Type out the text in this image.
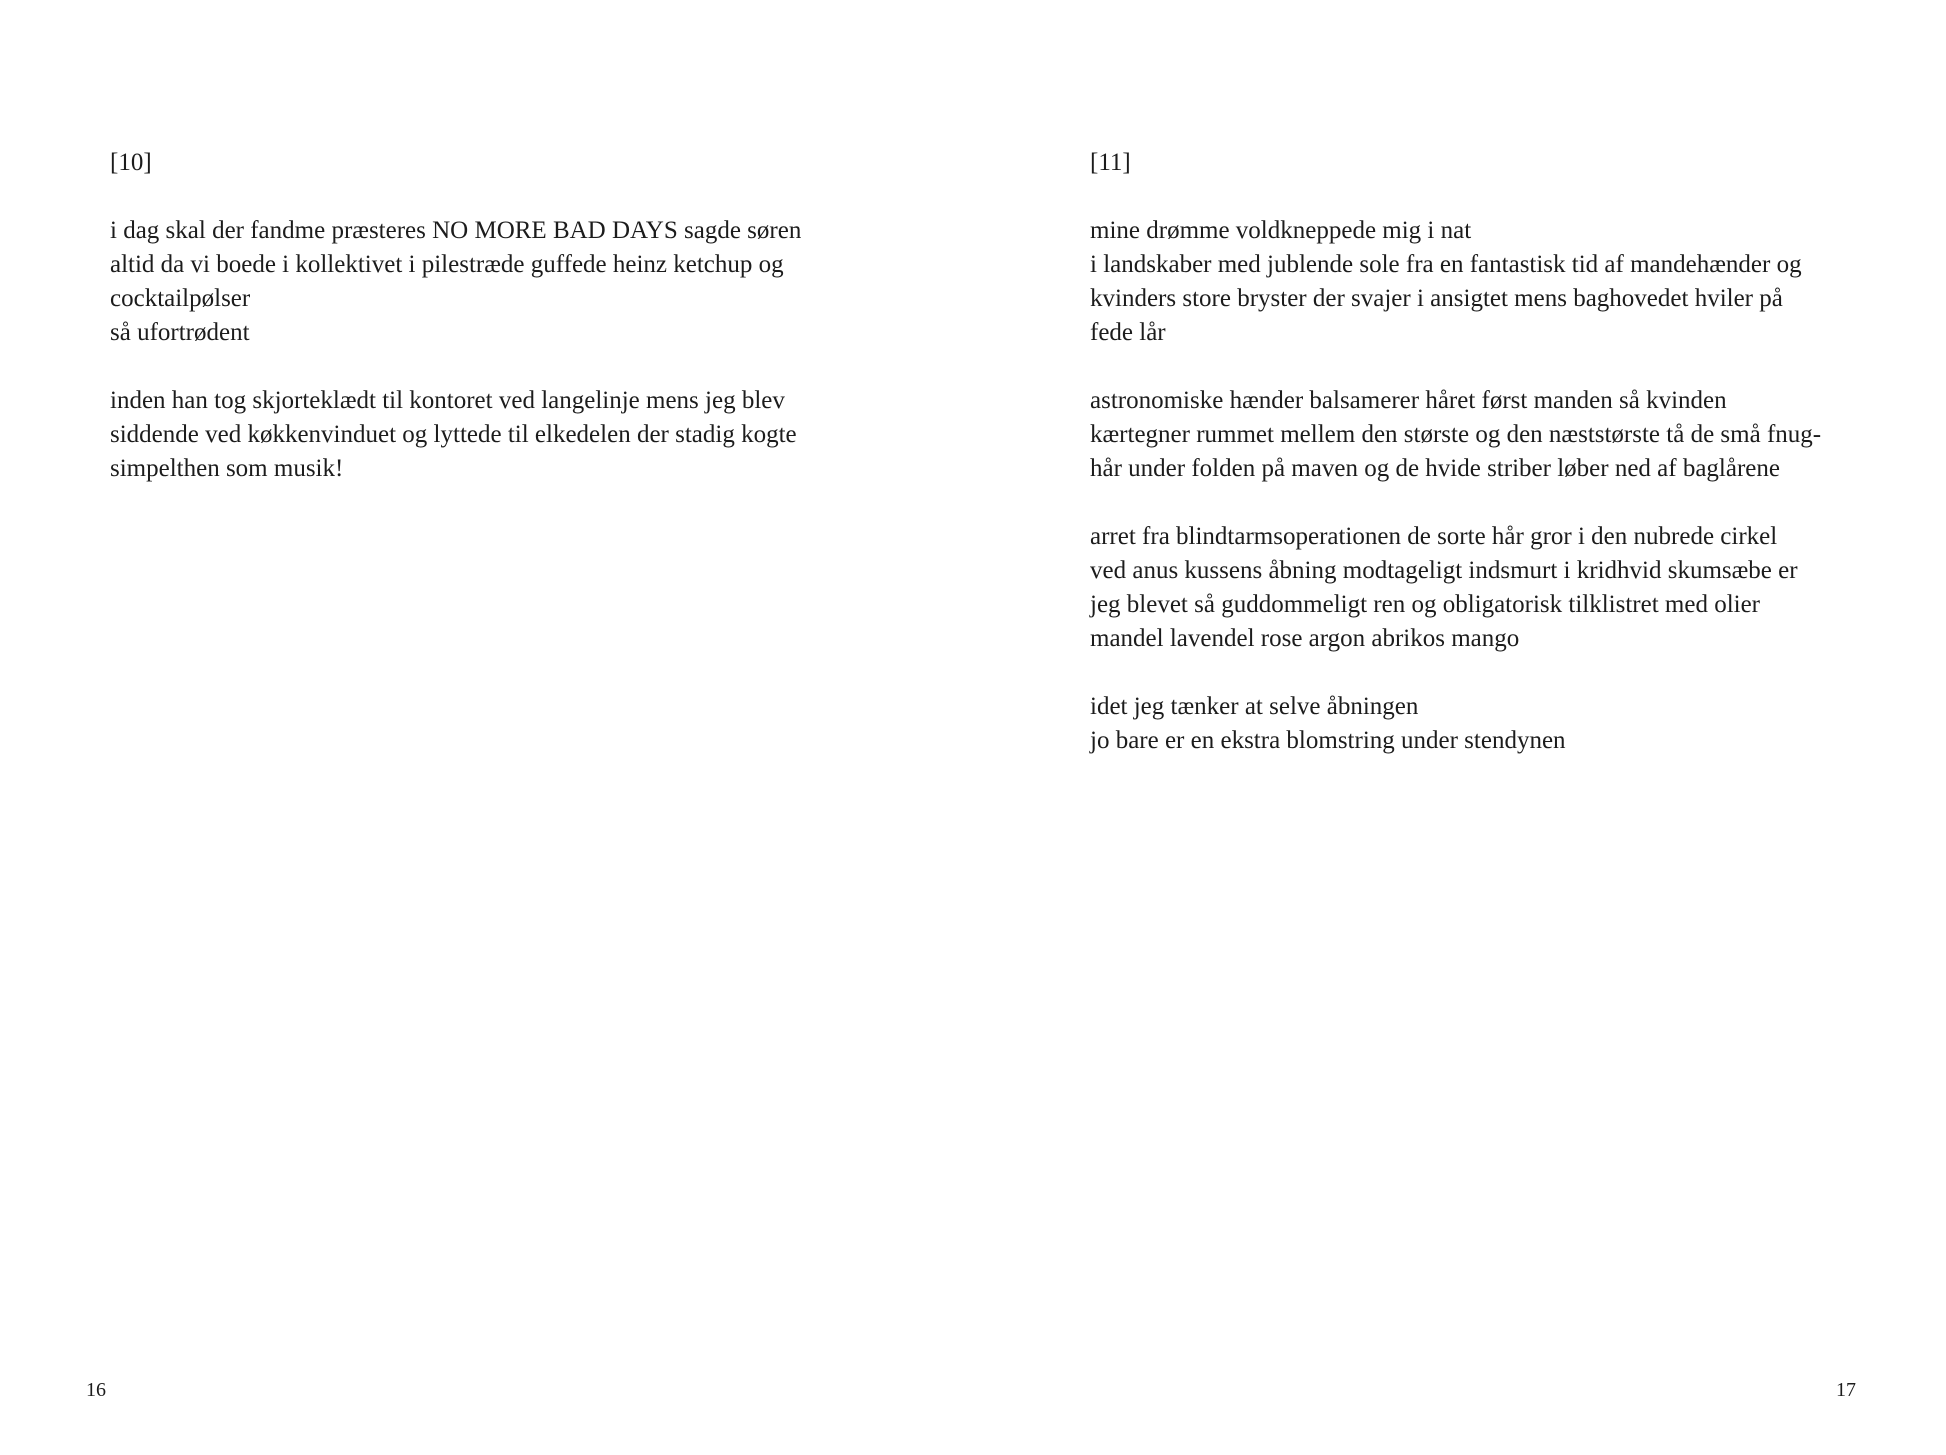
[10]
i dag skal der fandme præsteres NO MORE BAD DAYS sagde søren
altid da vi boede i kollektivet i pilestræde guffede heinz ketchup og
cocktailpølser
så ufortrødent
inden han tog skjorteklædt til kontoret ved langelinje mens jeg blev
siddende ved køkkenvinduet og lyttede til elkedelen der stadig kogte
simpelthen som musik!
16
[11]
mine drømme voldkneppede mig i nat
i landskaber med jublende sole fra en fantastisk tid af mandehænder og
kvinders store bryster der svajer i ansigtet mens baghovedet hviler på
fede lår
astronomiske hænder balsamerer håret først manden så kvinden
kærtegner rummet mellem den største og den næststørste tå de små fnug-
hår under folden på maven og de hvide striber løber ned af baglårene
arret fra blindtarmsoperationen de sorte hår gror i den nubrede cirkel
ved anus kussens åbning modtageligt indsmurt i kridhvid skumsæbe er
jeg blevet så guddommeligt ren og obligatorisk tilklistret med olier
mandel lavendel rose argon abrikos mango
idet jeg tænker at selve åbningen
jo bare er en ekstra blomstring under stendynen
17
